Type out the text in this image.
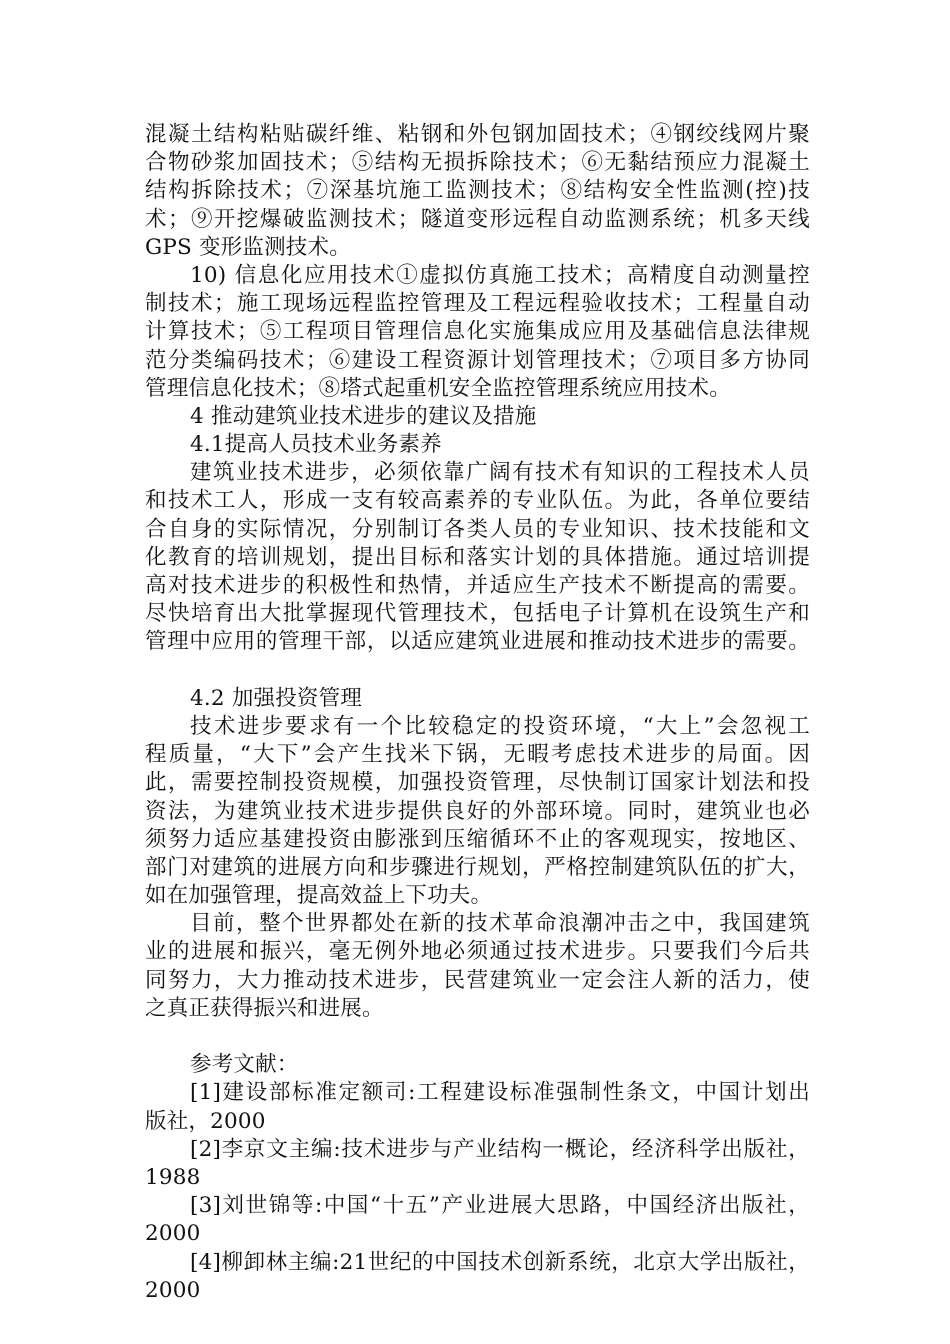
混凝土结构粘贴碳纤维、粘钢和外包钢加固技术；④钢绞线网片聚
合物砂浆加固技术；⑤结构无损拆除技术；⑥无黏结预应力混凝土
结构拆除技术；⑦深基坑施工监测技术；⑧结构安全性监测(控)技
术；⑨开挖爆破监测技术；隧道变形远程自动监测系统；机多天线
GPS 变形监测技术。
10) 信息化应用技术①虚拟仿真施工技术；高精度自动测量控
制技术；施工现场远程监控管理及工程远程验收技术；工程量自动
计算技术；⑤工程项目管理信息化实施集成应用及基础信息法律规
范分类编码技术；⑥建设工程资源计划管理技术；⑦项目多方协同
管理信息化技术；⑧塔式起重机安全监控管理系统应用技术。
4 推动建筑业技术进步的建议及措施
4.1提高人员技术业务素养
建筑业技术进步，必须依靠广阔有技术有知识的工程技术人员
和技术工人，形成一支有较高素养的专业队伍。为此，各单位要结
合自身的实际情况，分别制订各类人员的专业知识、技术技能和文
化教育的培训规划，提出目标和落实计划的具体措施。通过培训提
高对技术进步的积极性和热情，并适应生产技术不断提高的需要。
尽快培育出大批掌握现代管理技术，包括电子计算机在设筑生产和
管理中应用的管理干部，以适应建筑业进展和推动技术进步的需要。
4.2 加强投资管理
技术进步要求有一个比较稳定的投资环境，“大上”会忽视工
程质量，“大下”会产生找米下锅，无暇考虑技术进步的局面。因
此，需要控制投资规模，加强投资管理，尽快制订国家计划法和投
资法，为建筑业技术进步提供良好的外部环境。同时，建筑业也必
须努力适应基建投资由膨涨到压缩循环不止的客观现实，按地区、
部门对建筑的进展方向和步骤进行规划，严格控制建筑队伍的扩大，
如在加强管理，提高效益上下功夫。
目前，整个世界都处在新的技术革命浪潮冲击之中，我国建筑
业的进展和振兴，毫无例外地必须通过技术进步。只要我们今后共
同努力，大力推动技术进步，民营建筑业一定会注人新的活力，使
之真正获得振兴和进展。
参考文献：
[1]建设部标准定额司:工程建设标准强制性条文，中国计划出
版社，2000
[2]李京文主编:技术进步与产业结构一概论，经济科学出版社，
1988
[3]刘世锦等:中国“十五”产业进展大思路，中国经济出版社，
2000
[4]柳卸林主编:21世纪的中国技术创新系统，北京大学出版社，
2000
